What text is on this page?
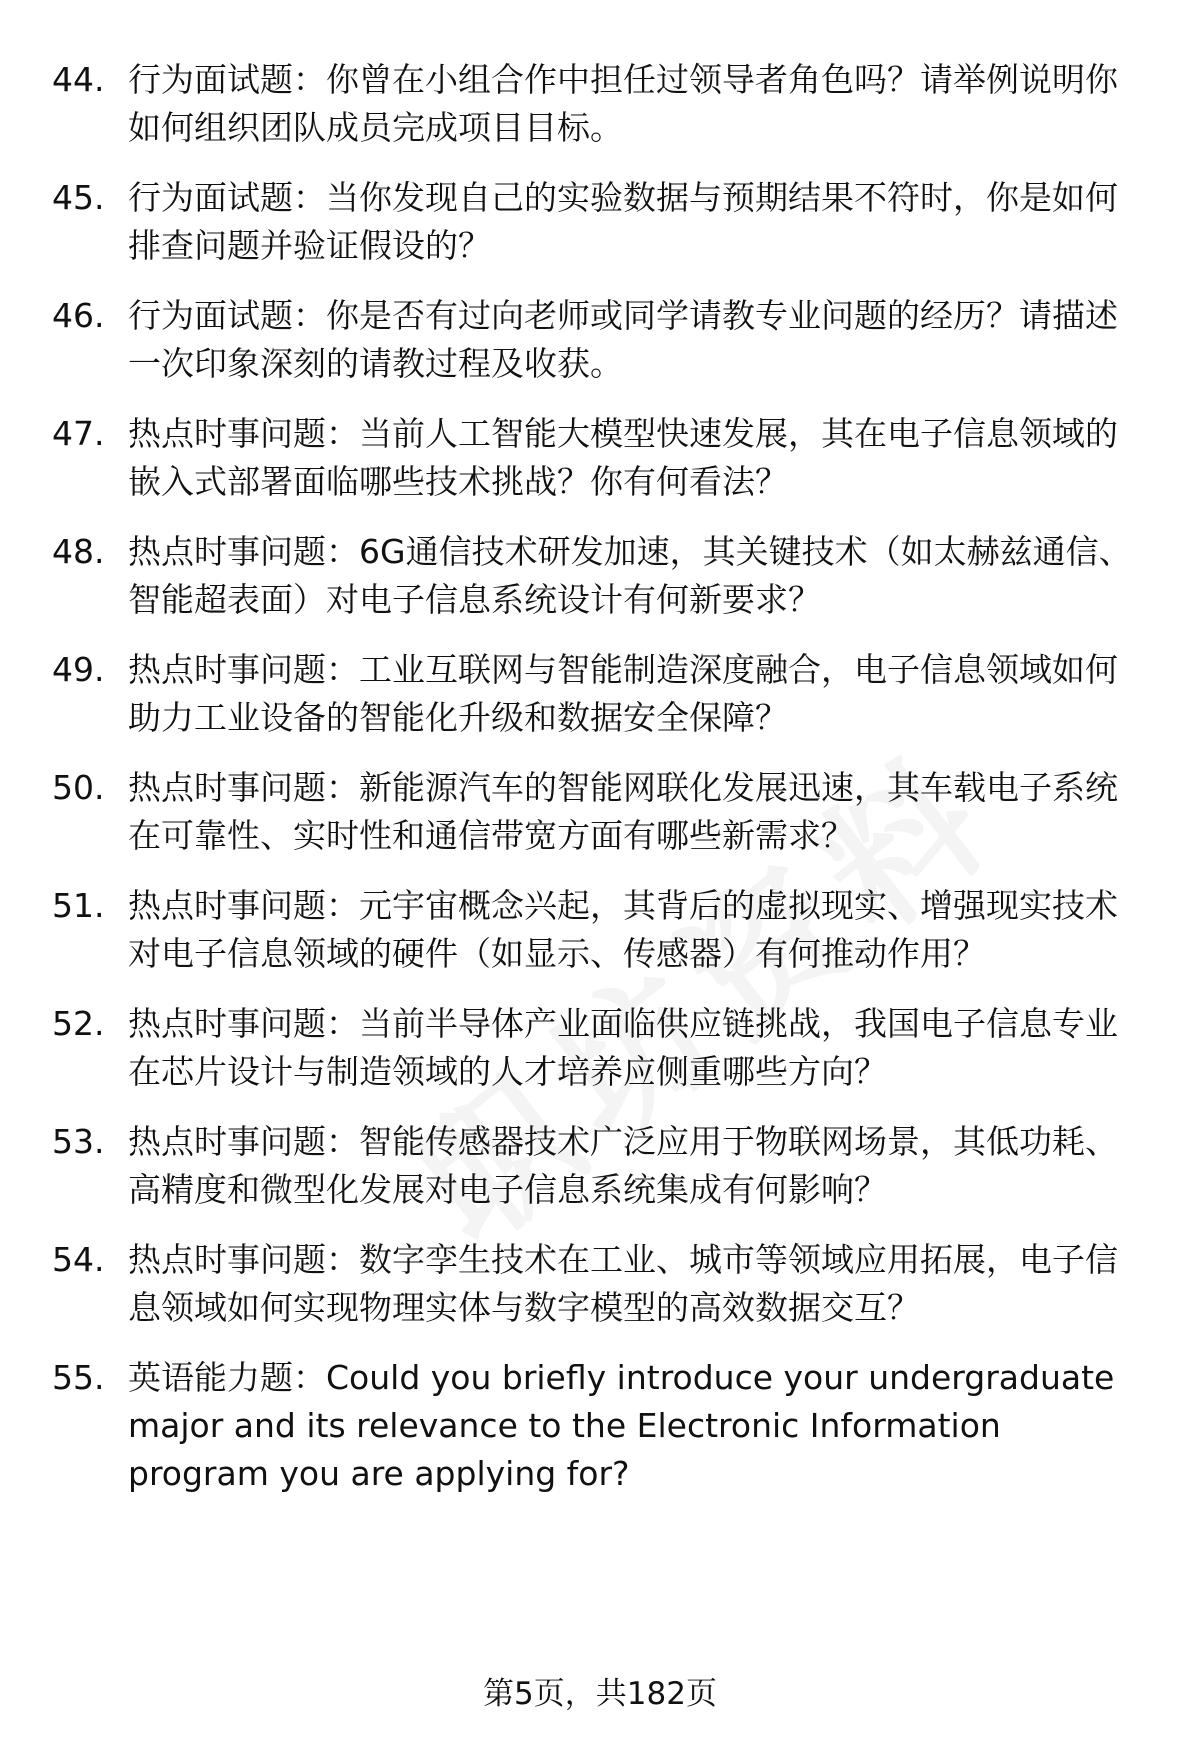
44. 行为面试题：你曾在小组合作中担任过领导者角色吗？请举例说明你如何组织团队成员完成项目目标。
45. 行为面试题：当你发现自己的实验数据与预期结果不符时，你是如何排查问题并验证假设的？
46. 行为面试题：你是否有过向老师或同学请教专业问题的经历？请描述一次印象深刻的请教过程及收获。
47. 热点时事问题：当前人工智能大模型快速发展，其在电子信息领域的嵌入式部署面临哪些技术挑战？你有何看法？
48. 热点时事问题：6G通信技术研发加速，其关键技术（如太赫兹通信、智能超表面）对电子信息系统设计有何新要求？
49. 热点时事问题：工业互联网与智能制造深度融合，电子信息领域如何助力工业设备的智能化升级和数据安全保障？
50. 热点时事问题：新能源汽车的智能网联化发展迅速，其车载电子系统在可靠性、实时性和通信带宽方面有哪些新需求？
51. 热点时事问题：元宇宙概念兴起，其背后的虚拟现实、增强现实技术对电子信息领域的硬件（如显示、传感器）有何推动作用？
52. 热点时事问题：当前半导体产业面临供应链挑战，我国电子信息专业在芯片设计与制造领域的人才培养应侧重哪些方向？
53. 热点时事问题：智能传感器技术广泛应用于物联网场景，其低功耗、高精度和微型化发展对电子信息系统集成有何影响？
54. 热点时事问题：数字孪生技术在工业、城市等领域应用拓展，电子信息领域如何实现物理实体与数字模型的高效数据交互？
55. 英语能力题：Could you briefly introduce your undergraduate major and its relevance to the Electronic Information program you are applying for?
第5页，共182页
